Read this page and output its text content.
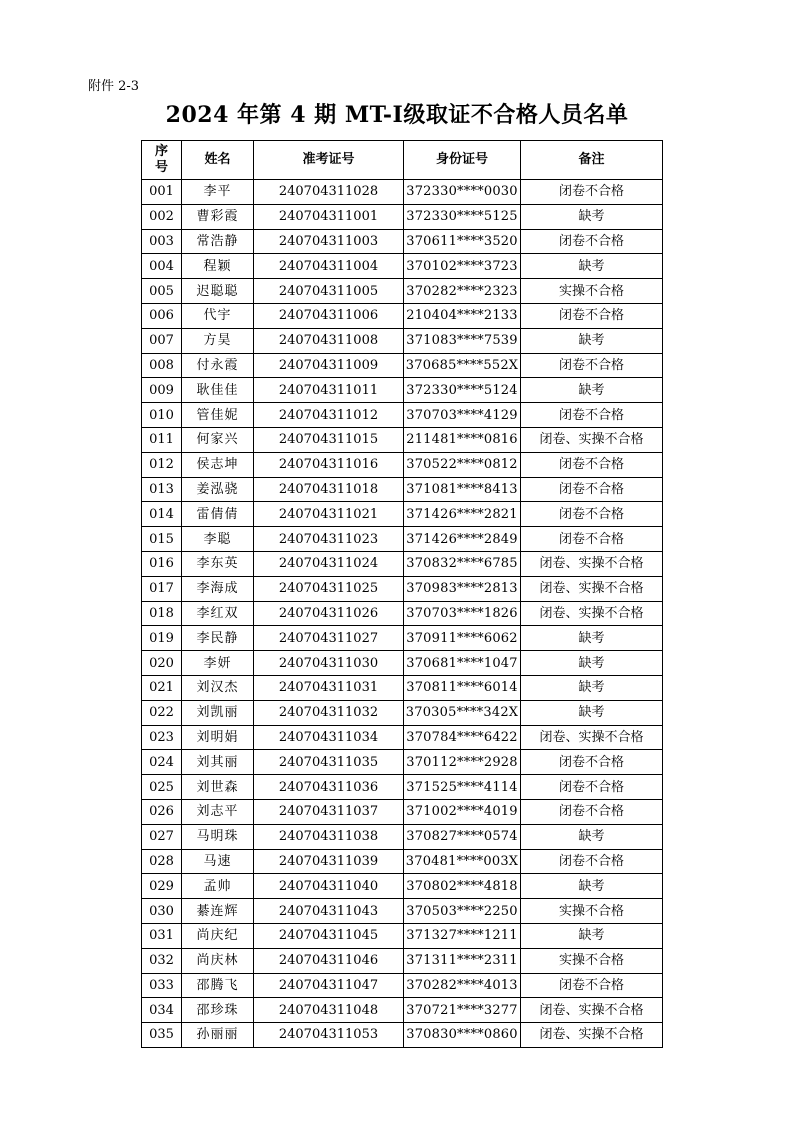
附件 2-3
2024 年第 4 期 MT-Ⅰ级取证不合格人员名单
序
号	姓名	准考证号	身份证号	备注
001	李平	240704311028	372330****0030	闭卷不合格
002	曹彩霞	240704311001	372330****5125	缺考
003	常浩静	240704311003	370611****3520	闭卷不合格
004	程颖	240704311004	370102****3723	缺考
005	迟聪聪	240704311005	370282****2323	实操不合格
006	代宇	240704311006	210404****2133	闭卷不合格
007	方昊	240704311008	371083****7539	缺考
008	付永霞	240704311009	370685****552X	闭卷不合格
009	耿佳佳	240704311011	372330****5124	缺考
010	管佳妮	240704311012	370703****4129	闭卷不合格
011	何家兴	240704311015	211481****0816	闭卷、实操不合格
012	侯志坤	240704311016	370522****0812	闭卷不合格
013	姜泓骁	240704311018	371081****8413	闭卷不合格
014	雷倩倩	240704311021	371426****2821	闭卷不合格
015	李聪	240704311023	371426****2849	闭卷不合格
016	李东英	240704311024	370832****6785	闭卷、实操不合格
017	李海成	240704311025	370983****2813	闭卷、实操不合格
018	李红双	240704311026	370703****1826	闭卷、实操不合格
019	李民静	240704311027	370911****6062	缺考
020	李妍	240704311030	370681****1047	缺考
021	刘汉杰	240704311031	370811****6014	缺考
022	刘凯丽	240704311032	370305****342X	缺考
023	刘明娟	240704311034	370784****6422	闭卷、实操不合格
024	刘其丽	240704311035	370112****2928	闭卷不合格
025	刘世森	240704311036	371525****4114	闭卷不合格
026	刘志平	240704311037	371002****4019	闭卷不合格
027	马明珠	240704311038	370827****0574	缺考
028	马速	240704311039	370481****003X	闭卷不合格
029	孟帅	240704311040	370802****4818	缺考
030	綦连辉	240704311043	370503****2250	实操不合格
031	尚庆纪	240704311045	371327****1211	缺考
032	尚庆林	240704311046	371311****2311	实操不合格
033	邵腾飞	240704311047	370282****4013	闭卷不合格
034	邵珍珠	240704311048	370721****3277	闭卷、实操不合格
035	孙丽丽	240704311053	370830****0860	闭卷、实操不合格
